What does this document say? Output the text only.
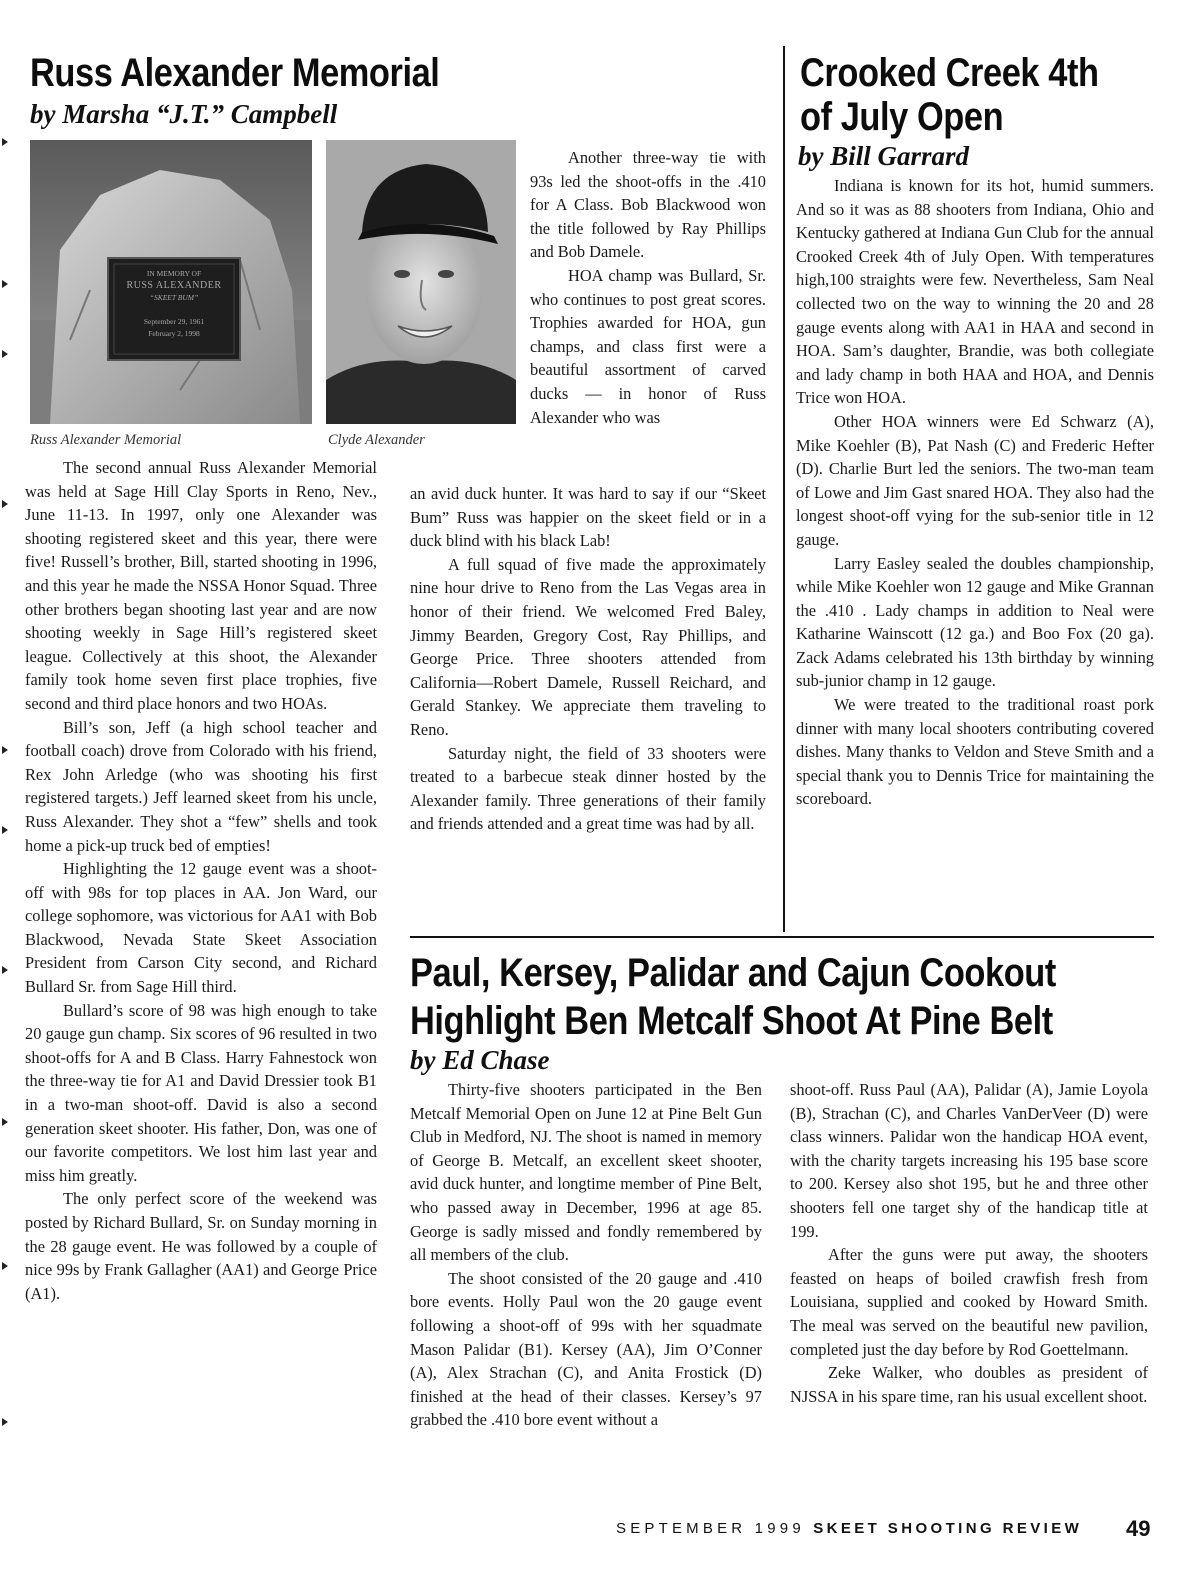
Russ Alexander Memorial
by Marsha “J.T.” Campbell
IN MEMORY OF
RUSS ALEXANDER
“SKEET BUM”
September 29, 1961
February 2, 1998
Russ Alexander Memorial	Clyde Alexander

The second annual Russ Alexander Memorial was held at Sage Hill Clay Sports in Reno, Nev., June 11-13. In 1997, only one Alexander was shooting registered skeet and this year, there were five! Russell’s brother, Bill, started shooting in 1996, and this year he made the NSSA Honor Squad. Three other brothers began shooting last year and are now shooting weekly in Sage Hill’s registered skeet league. Collectively at this shoot, the Alexander family took home seven first place trophies, five second and third place honors and two HOAs.

Bill’s son, Jeff (a high school teacher and football coach) drove from Colorado with his friend, Rex John Arledge (who was shooting his first registered targets.) Jeff learned skeet from his uncle, Russ Alexander. They shot a “few” shells and took home a pick-up truck bed of empties!

Highlighting the 12 gauge event was a shoot-off with 98s for top places in AA. Jon Ward, our college sophomore, was victorious for AA1 with Bob Blackwood, Nevada State Skeet Association President from Carson City second, and Richard Bullard Sr. from Sage Hill third.

Bullard’s score of 98 was high enough to take 20 gauge gun champ. Six scores of 96 resulted in two shoot-offs for A and B Class. Harry Fahnestock won the three-way tie for A1 and David Dressier took B1 in a two-man shoot-off. David is also a second generation skeet shooter. His father, Don, was one of our favorite competitors. We lost him last year and miss him greatly.

The only perfect score of the weekend was posted by Richard Bullard, Sr. on Sunday morning in the 28 gauge event. He was followed by a couple of nice 99s by Frank Gallagher (AA1) and George Price (A1).

Another three-way tie with 93s led the shoot-offs in the .410 for A Class. Bob Blackwood won the title followed by Ray Phillips and Bob Damele.

HOA champ was Bullard, Sr. who continues to post great scores. Trophies awarded for HOA, gun champs, and class first were a beautiful assortment of carved ducks — in honor of Russ Alexander who was

an avid duck hunter. It was hard to say if our “Skeet Bum” Russ was happier on the skeet field or in a duck blind with his black Lab!

A full squad of five made the approximately nine hour drive to Reno from the Las Vegas area in honor of their friend. We welcomed Fred Baley, Jimmy Bearden, Gregory Cost, Ray Phillips, and George Price. Three shooters attended from California—Robert Damele, Russell Reichard, and Gerald Stankey. We appreciate them traveling to Reno.

Saturday night, the field of 33 shooters were treated to a barbecue steak dinner hosted by the Alexander family. Three generations of their family and friends attended and a great time was had by all.

Crooked Creek 4th
of July Open
by Bill Garrard

Indiana is known for its hot, humid summers. And so it was as 88 shooters from Indiana, Ohio and Kentucky gathered at Indiana Gun Club for the annual Crooked Creek 4th of July Open. With temperatures high,100 straights were few. Nevertheless, Sam Neal collected two on the way to winning the 20 and 28 gauge events along with AA1 in HAA and second in HOA. Sam’s daughter, Brandie, was both collegiate and lady champ in both HAA and HOA, and Dennis Trice won HOA.

Other HOA winners were Ed Schwarz (A), Mike Koehler (B), Pat Nash (C) and Frederic Hefter (D). Charlie Burt led the seniors. The two-man team of Lowe and Jim Gast snared HOA. They also had the longest shoot-off vying for the sub-senior title in 12 gauge.

Larry Easley sealed the doubles championship, while Mike Koehler won 12 gauge and Mike Grannan the .410 . Lady champs in addition to Neal were Katharine Wainscott (12 ga.) and Boo Fox (20 ga). Zack Adams celebrated his 13th birthday by winning sub-junior champ in 12 gauge.

We were treated to the traditional roast pork dinner with many local shooters contributing covered dishes. Many thanks to Veldon and Steve Smith and a special thank you to Dennis Trice for maintaining the scoreboard.

Paul, Kersey, Palidar and Cajun Cookout
Highlight Ben Metcalf Shoot At Pine Belt
by Ed Chase

Thirty-five shooters participated in the Ben Metcalf Memorial Open on June 12 at Pine Belt Gun Club in Medford, NJ. The shoot is named in memory of George B. Metcalf, an excellent skeet shooter, avid duck hunter, and longtime member of Pine Belt, who passed away in December, 1996 at age 85. George is sadly missed and fondly remembered by all members of the club.

The shoot consisted of the 20 gauge and .410 bore events. Holly Paul won the 20 gauge event following a shoot-off of 99s with her squadmate Mason Palidar (B1). Kersey (AA), Jim O’Conner (A), Alex Strachan (C), and Anita Frostick (D) finished at the head of their classes. Kersey’s 97 grabbed the .410 bore event without a

shoot-off. Russ Paul (AA), Palidar (A), Jamie Loyola (B), Strachan (C), and Charles VanDerVeer (D) were class winners. Palidar won the handicap HOA event, with the charity targets increasing his 195 base score to 200. Kersey also shot 195, but he and three other shooters fell one target shy of the handicap title at 199.

After the guns were put away, the shooters feasted on heaps of boiled crawfish fresh from Louisiana, supplied and cooked by Howard Smith. The meal was served on the beautiful new pavilion, completed just the day before by Rod Goettelmann.

Zeke Walker, who doubles as president of NJSSA in his spare time, ran his usual excellent shoot.

SEPTEMBER 1999 SKEET SHOOTING REVIEW 49
